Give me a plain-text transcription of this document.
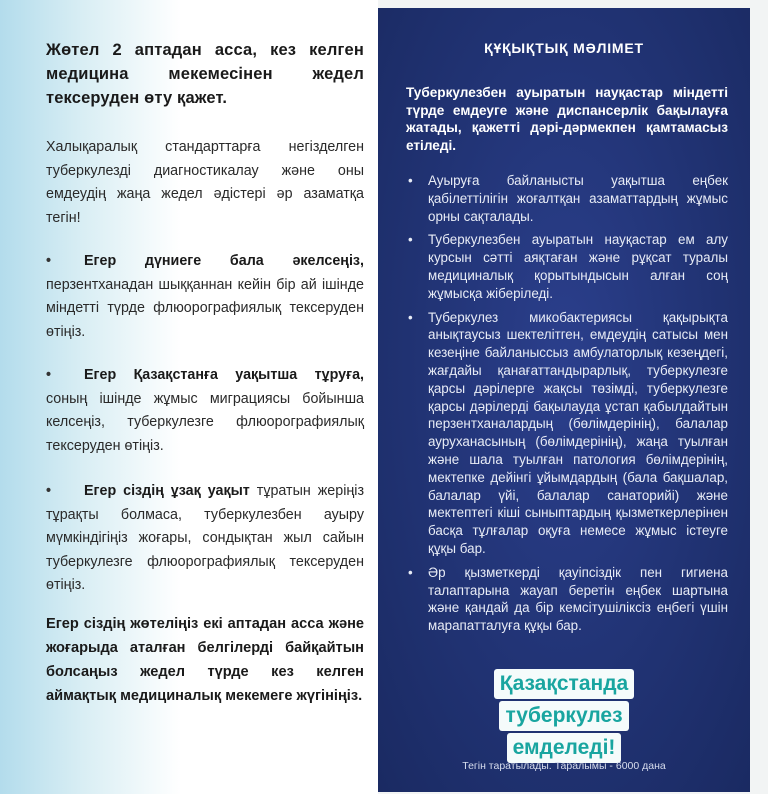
Жөтел 2 аптадан асса, кез келген медицина мекемесінен жедел тексеруден өту қажет.
Халықаралық стандарттарға негізделген туберкулезді диагностикалау және оны емдеудің жаңа жедел әдістері әр азаматқа тегін!
• Егер дүниеге бала әкелсеңіз, перзентханадан шыққаннан кейін бір ай ішінде міндетті түрде флюорографиялық тексеруден өтіңіз.
• Егер Қазақстанға уақытша тұруға, соның ішінде жұмыс миграциясы бойынша келсеңіз, туберкулезге флюорографиялық тексеруден өтіңіз.
• Егер сіздің ұзақ уақыт тұратын жеріңіз тұрақты болмаса, туберкулезбен ауыру мүмкіндігіңіз жоғары, сондықтан жыл сайын туберкулезге флюорографиялық тексеруден өтіңіз.
Егер сіздің жөтеліңіз екі аптадан асса және жоғарыда аталған белгілерді байқайтын болсаңыз жедел түрде кез келген аймақтық медициналық мекемеге жүгініңіз.
ҚҰҚЫҚТЫҚ МӘЛІМЕТ
Туберкулезбен ауыратын науқастар міндетті түрде емдеуге және диспансерлік бақылауға жатады, қажетті дәрі-дәрмекпен қамтамасыз етіледі.
• Ауыруға байланысты уақытша еңбек қабілеттілігін жоғалтқан азаматтардың жұмыс орны сақталады.
• Туберкулезбен ауыратын науқастар ем алу курсын сәтті аяқтаған және рұқсат туралы медициналық қорытындысын алған соң жұмысқа жіберіледі.
• Туберкулез микобактериясы қақырықта анықтаусыз шектелітген, емдеудің сатысы мен кезеңіне байланыссыз амбулаторлық кезеңдегі, жағдайы қанағаттандырарлық, туберкулезге қарсы дәрілерге жақсы төзімді, туберкулезге қарсы дәрілерді бақылауда ұстап қабылдайтын перзентханалардың (бөлімдерінің), балалар ауруханасының (бөлімдерінің), жаңа туылған және шала туылған патология бөлімдерінің, мектепке дейінгі ұйымдардың (бала бақшалар, балалар үйі, балалар санаторийі) және мектептегі кіші сыныптардың қызметкерлерінен басқа тұлғалар оқуға немесе жұмыс істеуге құқы бар.
• Әр қызметкерді қауіпсіздік пен гигиена талаптарына жауап беретін еңбек шартына және қандай да бір кемсітушіліксіз еңбегі үшін марапатталуға құқы бар.
Қазақстанда
туберкулез
емделеді!
Тегін таратылады. Таралымы - 6000 дана
